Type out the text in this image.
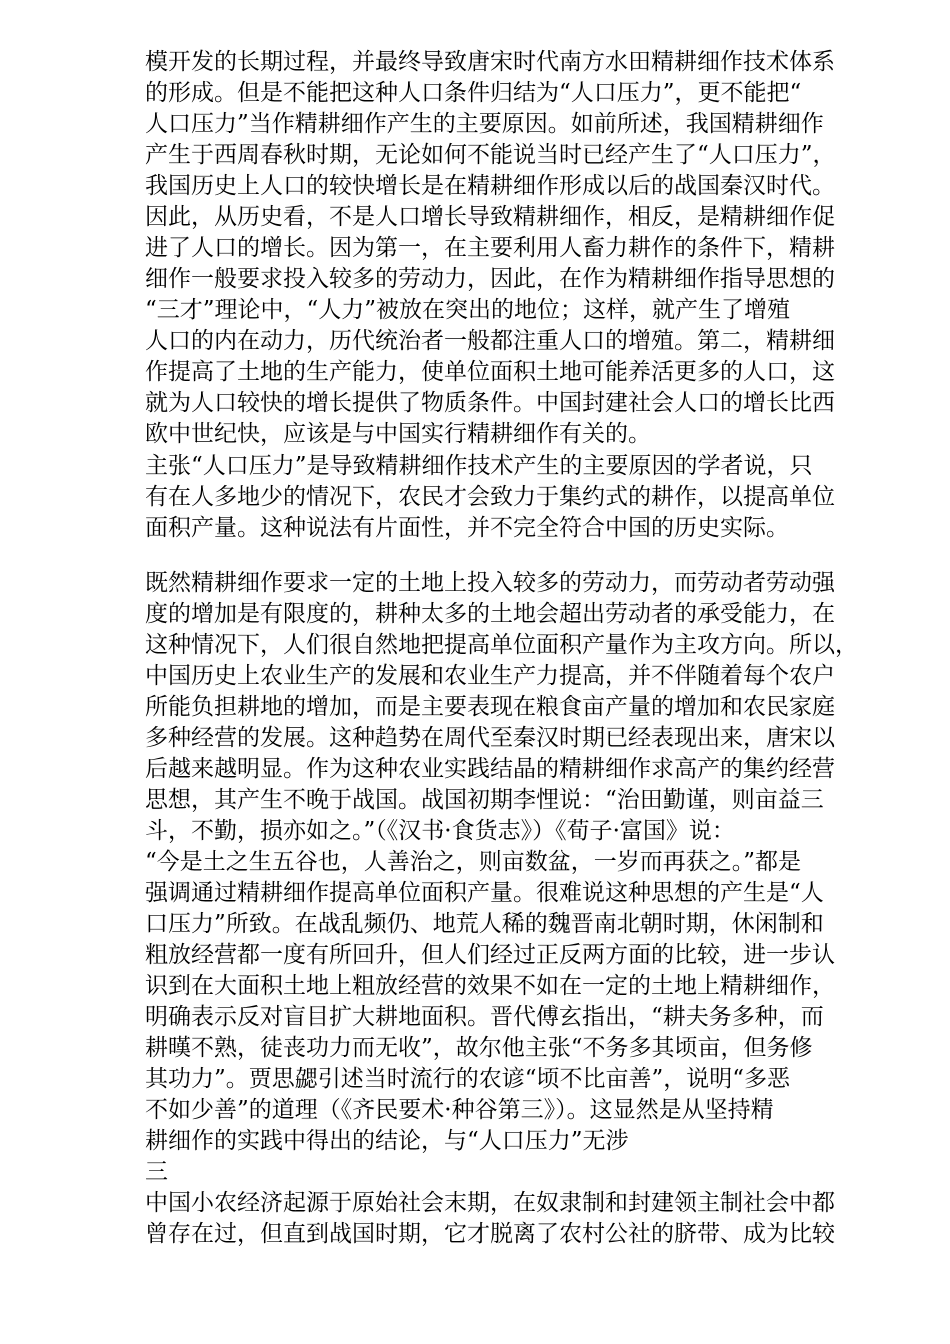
模开发的长期过程，并最终导致唐宋时代南方水田精耕细作技术体系
的形成。但是不能把这种人口条件归结为“人口压力”，更不能把“
人口压力”当作精耕细作产生的主要原因。如前所述，我国精耕细作
产生于西周春秋时期，无论如何不能说当时已经产生了“人口压力”，
我国历史上人口的较快增长是在精耕细作形成以后的战国秦汉时代。
因此，从历史看，不是人口增长导致精耕细作，相反，是精耕细作促
进了人口的增长。因为第一，在主要利用人畜力耕作的条件下，精耕
细作一般要求投入较多的劳动力，因此，在作为精耕细作指导思想的
“三才”理论中，“人力”被放在突出的地位；这样，就产生了增殖
人口的内在动力，历代统治者一般都注重人口的增殖。第二，精耕细
作提高了土地的生产能力，使单位面积土地可能养活更多的人口，这
就为人口较快的增长提供了物质条件。中国封建社会人口的增长比西
欧中世纪快，应该是与中国实行精耕细作有关的。

主张“人口压力”是导致精耕细作技术产生的主要原因的学者说，只
有在人多地少的情况下，农民才会致力于集约式的耕作，以提高单位
面积产量。这种说法有片面性，并不完全符合中国的历史实际。

既然精耕细作要求一定的土地上投入较多的劳动力，而劳动者劳动强
度的增加是有限度的，耕种太多的土地会超出劳动者的承受能力，在
这种情况下，人们很自然地把提高单位面积产量作为主攻方向。所以，
中国历史上农业生产的发展和农业生产力提高，并不伴随着每个农户
所能负担耕地的增加，而是主要表现在粮食亩产量的增加和农民家庭
多种经营的发展。这种趋势在周代至秦汉时期已经表现出来，唐宋以
后越来越明显。作为这种农业实践结晶的精耕细作求高产的集约经营
思想，其产生不晚于战国。战国初期李悝说：“治田勤谨，则亩益三
斗，不勤，损亦如之。”（《汉书·食货志》）《荀子·富国》说：
“今是土之生五谷也，人善治之，则亩数盆，一岁而再获之。”都是
强调通过精耕细作提高单位面积产量。很难说这种思想的产生是“人
口压力”所致。在战乱频仍、地荒人稀的魏晋南北朝时期，休闲制和
粗放经营都一度有所回升，但人们经过正反两方面的比较，进一步认
识到在大面积土地上粗放经营的效果不如在一定的土地上精耕细作，
明确表示反对盲目扩大耕地面积。晋代傅玄指出，“耕夫务多种，而
耕暵不熟，徒丧功力而无收”，故尔他主张“不务多其顷亩，但务修
其功力”。贾思勰引述当时流行的农谚“顷不比亩善”，说明“多恶
不如少善”的道理（《齐民要术·种谷第三》）。这显然是从坚持精
耕细作的实践中得出的结论，与“人口压力”无涉
三

中国小农经济起源于原始社会末期，在奴隶制和封建领主制社会中都
曾存在过，但直到战国时期，它才脱离了农村公社的脐带、成为比较
